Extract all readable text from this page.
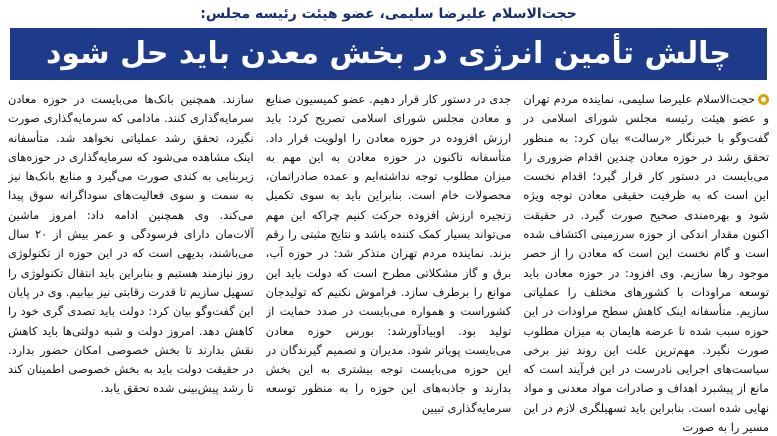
حجت‌الاسلام علیرضا سلیمی، عضو هیئت رئیسه مجلس:
چالش تأمین انرژی در بخش معدن باید حل شود

حجت‌الاسلام علیرضا سلیمی، نماینده مردم تهران و عضو هیئت رئیسه مجلس شورای اسلامی در گفت‌وگو با خبرنگار «رسالت» بیان کرد: به منظور تحقق رشد در حوزه معادن چندین اقدام ضروری را می‌بایست در دستور کار قرار گیرد؛ اقدام نخست این است که به ظرفیت حقیقی معادن توجه ویژه شود و بهره‌مندی صحیح صورت گیرد. در حقیقت اکنون مقدار اندکی از حوزه سرزمینی اکتشاف شده است و گام نخست این است که معادن را از حصر موجود رها سازیم. وی افزود: در حوزه معادن باید توسعه مراودات با کشورهای مختلف را عملیاتی سازیم. متأسفانه اینک کاهش سطح مراودات در این حوزه سبب شده تا عرضه هایمان به میزان مطلوب صورت نگیرد. مهم‌ترین علت این روند نیز برخی سیاست‌های اجرایی نادرست در این فرآیند است که مانع از پیشبرد اهداف و صادرات مواد معدنی و مواد نهایی شده است. بنابراین باید تسهیلگری لازم در این مسیر را به صورت

جدی در دستور کار قرار دهیم. عضو کمیسیون صنایع و معادن مجلس شورای اسلامی تصریح کرد: باید ارزش افزوده در حوزه معادن را اولویت قرار داد. متأسفانه تاکنون در حوزه معادن به این مهم به میزان مطلوب توجه نداشته‌ایم و عمده صادراتمان، محصولات خام است. بنابراین باید به سوی تکمیل زنجیره ارزش افزوده حرکت کنیم چراکه این مهم می‌تواند بسیار کمک کننده باشد و نتایج مثبتی را رقم بزند. نماینده مردم تهران متذکر شد: در حوزه آب، برق و گاز مشکلاتی مطرح است که دولت باید این موانع را برطرف سازد. فراموش نکنیم که تولیدجان کشوراست و همواره می‌بایست در صدد حمایت از تولید بود. اوبیادآورشد: بورس حوزه معادن می‌بایست پویاتر شود. مدیران و تصمیم گیرندگان در این حوزه می‌بایست توجه بیشتری به این بخش بدارند و جاذبه‌های این حوزه را به منظور توسعه سرمایه‌گذاری تبیین

سازند. همچنین بانک‌ها می‌بایست در حوزه معادن سرمایه‌گذاری کنند. مادامی که سرمایه‌گذاری صورت نگیرد، تحقق رشد عملیاتی نخواهد شد. متأسفانه اینک مشاهده می‌شود که سرمایه‌گذاری در حوزه‌های زیربنایی به کندی صورت می‌گیرد و منابع بانک‌ها نیز به سمت و سوی فعالیت‌های سوداگرانه سوق پیدا می‌کند. وی همچنین ادامه داد: امروز ماشین آلات‌مان دارای فرسودگی و عمر بیش از ۲۰ سال می‌باشند، بدیهی است که در این حوزه از تکنولوژی روز نیازمند هستیم و بنابراین باید انتقال تکنولوژی را تسهیل سازیم تا قدرت رقابتی نیز بیابیم. وی در پایان این گفت‌وگو بیان کرد: دولت باید تصدی گری خود را کاهش دهد. امروز دولت و شبه دولتی‌ها باید کاهش نقش بدارند تا بخش خصوصی امکان حضور بدارد. در حقیقت دولت باید به بخش خصوصی اطمینان کند تا رشد پیش‌بینی شده تحقق یابد.
